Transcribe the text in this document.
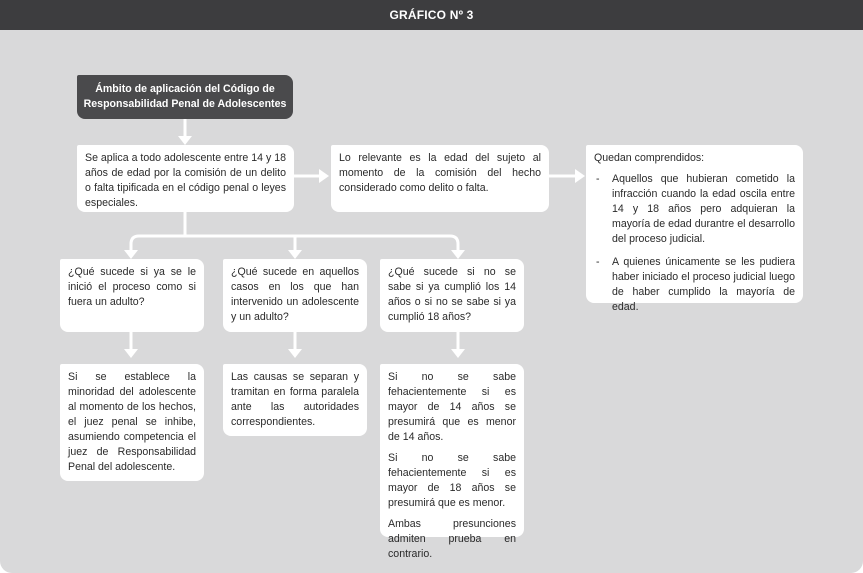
GRÁFICO Nº 3
Ámbito de aplicación del Código de
Responsabilidad Penal de Adolescentes

Se aplica a todo adolescente entre 14 y 18 años de edad por la comisión de un delito o falta tipificada en el código penal o leyes especiales.

Lo relevante es la edad del sujeto al momento de la comisión del hecho considerado como delito o falta.

Quedan comprendidos:

- Aquellos que hubieran cometido la infracción cuando la edad oscila entre 14 y 18 años pero adquieran la mayoría de edad durantre el desarrollo del proceso judicial.
- A quienes únicamente se les pudiera haber iniciado el proceso judicial luego de haber cumplido la mayoría de edad.

¿Qué sucede si ya se le inició el proceso como si fuera un adulto?

¿Qué sucede en aquellos casos en los que han intervenido un adolescente y un adulto?

¿Qué sucede si no se sabe si ya cumplió los 14 años o si no se sabe si ya cumplió 18 años?

Si se establece la minoridad del adolescente al momento de los hechos, el juez penal se inhibe, asumiendo competencia el juez de Responsabilidad Penal del adolescente.

Las causas se separan y tramitan en forma paralela ante las autoridades correspondientes.

Si no se sabe fehacientemente si es mayor de 14 años se presumirá que es menor de 14 años.

Si no se sabe fehacientemente si es mayor de 18 años se presumirá que es menor.

Ambas presunciones admiten prueba en contrario.
